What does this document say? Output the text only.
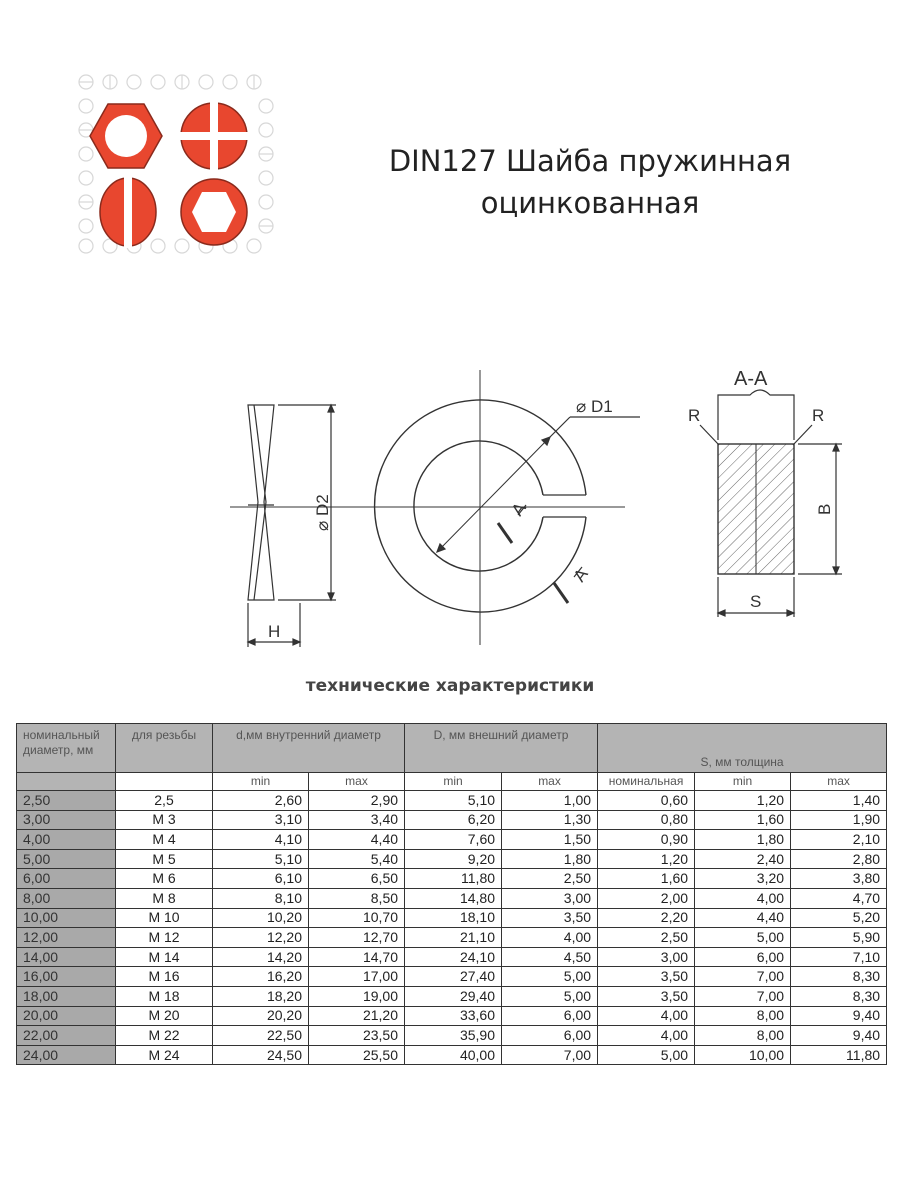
DIN127 Шайба пружинная
оцинкованная
⌀ D1
⌀ D2
H
A-A
R	R
B
S
A
A
технические характеристики
номинальный диаметр, мм	для резьбы	d,мм внутренний диаметр		D, мм внешний диаметр		S, мм толщина		
		min	max	min	max	номинальная	min	max
2,50	2,5	2,60	2,90	5,10	1,00	0,60	1,20	1,40
3,00	М 3	3,10	3,40	6,20	1,30	0,80	1,60	1,90
4,00	М 4	4,10	4,40	7,60	1,50	0,90	1,80	2,10
5,00	М 5	5,10	5,40	9,20	1,80	1,20	2,40	2,80
6,00	М 6	6,10	6,50	11,80	2,50	1,60	3,20	3,80
8,00	М 8	8,10	8,50	14,80	3,00	2,00	4,00	4,70
10,00	М 10	10,20	10,70	18,10	3,50	2,20	4,40	5,20
12,00	М 12	12,20	12,70	21,10	4,00	2,50	5,00	5,90
14,00	М 14	14,20	14,70	24,10	4,50	3,00	6,00	7,10
16,00	М 16	16,20	17,00	27,40	5,00	3,50	7,00	8,30
18,00	М 18	18,20	19,00	29,40	5,00	3,50	7,00	8,30
20,00	М 20	20,20	21,20	33,60	6,00	4,00	8,00	9,40
22,00	М 22	22,50	23,50	35,90	6,00	4,00	8,00	9,40
24,00	М 24	24,50	25,50	40,00	7,00	5,00	10,00	11,80
